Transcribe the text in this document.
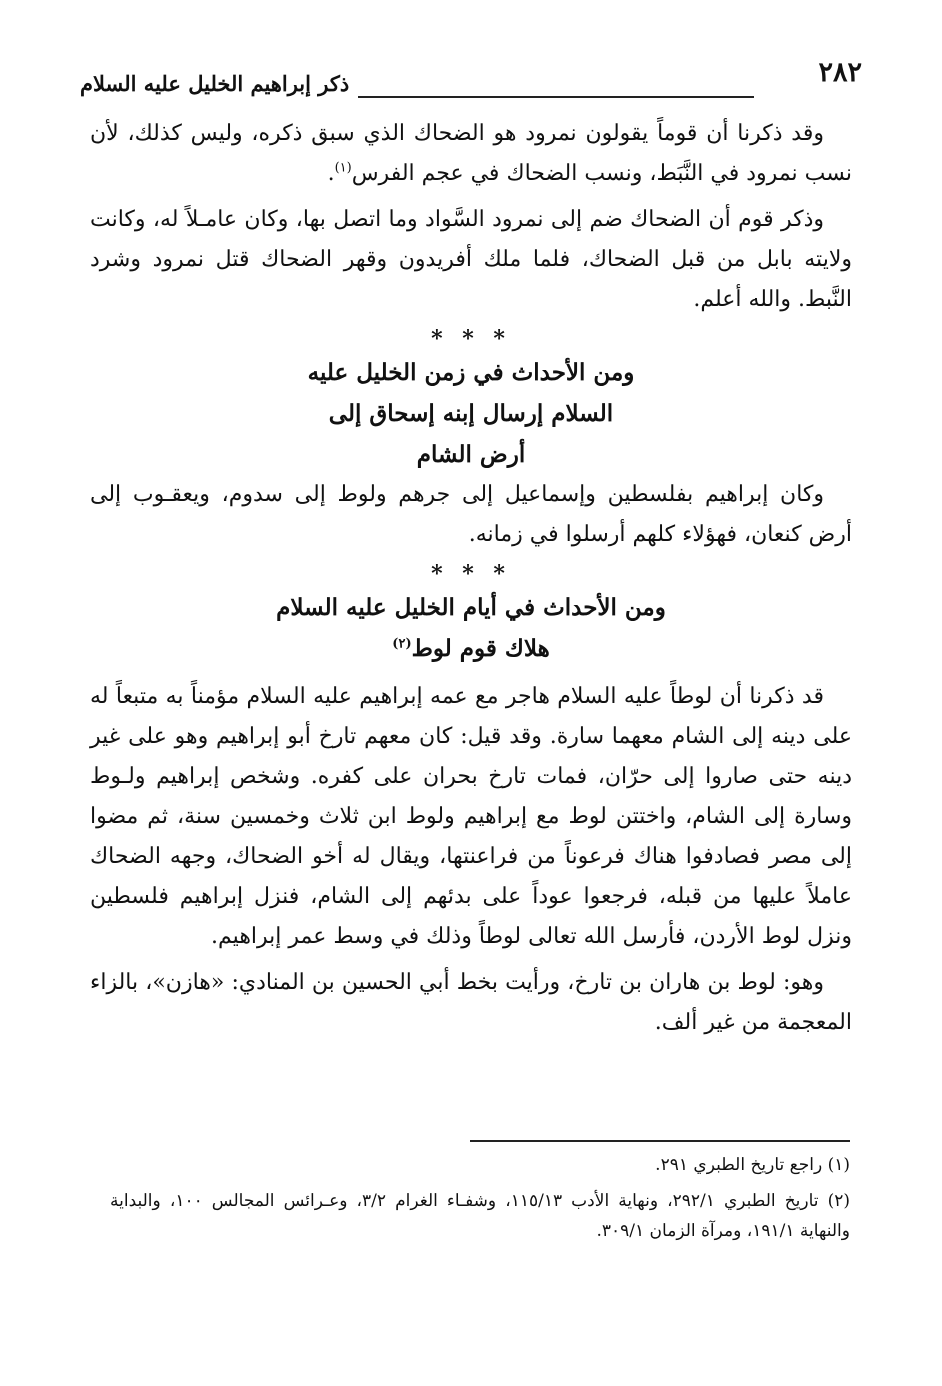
٢٨٢
ذكر إبراهيم الخليل عليه السلام

وقد ذكرنا أن قوماً يقولون نمرود هو الضحاك الذي سبق ذكره، وليس كذلك، لأن نسب نمرود في النَّبَط، ونسب الضحاك في عجم الفرس$^{(١)}$.

وذكر قوم أن الضحاك ضم إلى نمرود السَّواد وما اتصل بها، وكان عامـلاً له، وكانت ولايته بابل من قبل الضحاك، فلما ملك أفريدون وقهر الضحاك قتل نمرود وشرد النَّبط. والله أعلم.

* * *
ومن الأحداث في زمن الخليل عليه
السلام إرسال إبنه إسحاق إلى
أرض الشام

وكان إبراهيم بفلسطين وإسماعيل إلى جرهم ولوط إلى سدوم، ويعقـوب إلى أرض كنعان، فهؤلاء كلهم أرسلوا في زمانه.

* * *
ومن الأحداث في أيام الخليل عليه السلام
هلاك قوم لوط$^{(٢)}$

قد ذكرنا أن لوطاً عليه السلام هاجر مع عمه إبراهيم عليه السلام مؤمناً به متبعاً له على دينه إلى الشام معهما سارة. وقد قيل: كان معهم تارخ أبو إبراهيم وهو على غير دينه حتى صاروا إلى حرّان، فمات تارخ بحران على كفره. وشخص إبراهيم ولـوط وسارة إلى الشام، واختتن لوط مع إبراهيم ولوط ابن ثلاث وخمسين سنة، ثم مضوا إلى مصر فصادفوا هناك فرعوناً من فراعنتها، ويقال له أخو الضحاك، وجهه الضحاك عاملاً عليها من قبله، فرجعوا عوداً على بدئهم إلى الشام، فنزل إبراهيم فلسطين ونزل لوط الأردن، فأرسل الله تعالى لوطاً وذلك في وسط عمر إبراهيم.

وهو: لوط بن هاران بن تارخ، ورأيت بخط أبي الحسين بن المنادي: «هازن»، بالزاء المعجمة من غير ألف.

(١) راجع تاريخ الطبري ٢٩١.

(٢) تاريخ الطبري ٢٩٢/١، ونهاية الأدب ١١٥/١٣، وشفـاء الغرام ٣/٢، وعـرائس المجالس ١٠٠، والبداية والنهاية ١٩١/١، ومرآة الزمان ٣٠٩/١.
